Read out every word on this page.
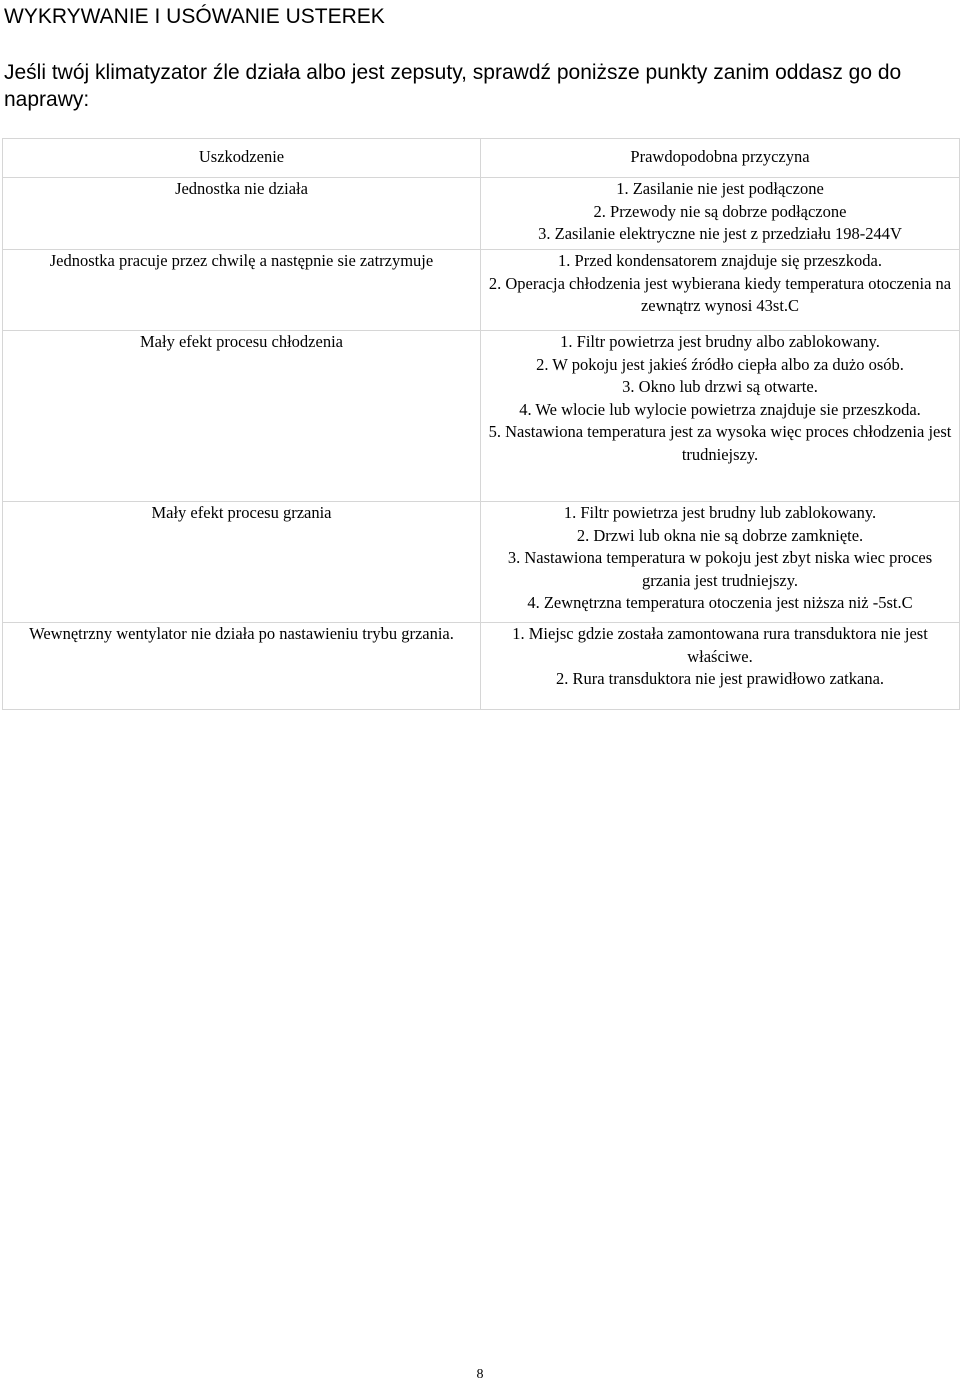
WYKRYWANIE I USÓWANIE USTEREK
Jeśli twój klimatyzator źle działa albo jest zepsuty, sprawdź poniższe punkty zanim oddasz go do naprawy:
Uszkodzenie	Prawdopodobna przyczyna

Jednostka nie działa	1. Zasilanie nie jest podłączone
2. Przewody nie są dobrze podłączone
3. Zasilanie elektryczne nie jest z przedziału 198-244V

Jednostka pracuje przez chwilę a następnie sie zatrzymuje	1. Przed kondensatorem znajduje się przeszkoda.
2. Operacja chłodzenia jest wybierana kiedy temperatura otoczenia na zewnątrz wynosi 43st.C

Mały efekt procesu chłodzenia	1. Filtr powietrza jest brudny albo zablokowany.
2. W pokoju jest jakieś źródło ciepła albo za dużo osób.
3. Okno lub drzwi są otwarte.
4. We wlocie lub wylocie powietrza znajduje sie przeszkoda.
5. Nastawiona temperatura jest za wysoka więc proces chłodzenia jest trudniejszy.

Mały efekt procesu grzania	1. Filtr powietrza jest brudny lub zablokowany.
2. Drzwi lub okna nie są dobrze zamknięte.
3. Nastawiona temperatura w pokoju jest zbyt niska wiec proces grzania jest trudniejszy.
4. Zewnętrzna temperatura otoczenia jest niższa niż -5st.C

Wewnętrzny wentylator nie działa po nastawieniu trybu grzania.	1. Miejsc gdzie została zamontowana rura transduktora nie jest właściwe.
2. Rura transduktora nie jest prawidłowo zatkana.
8
